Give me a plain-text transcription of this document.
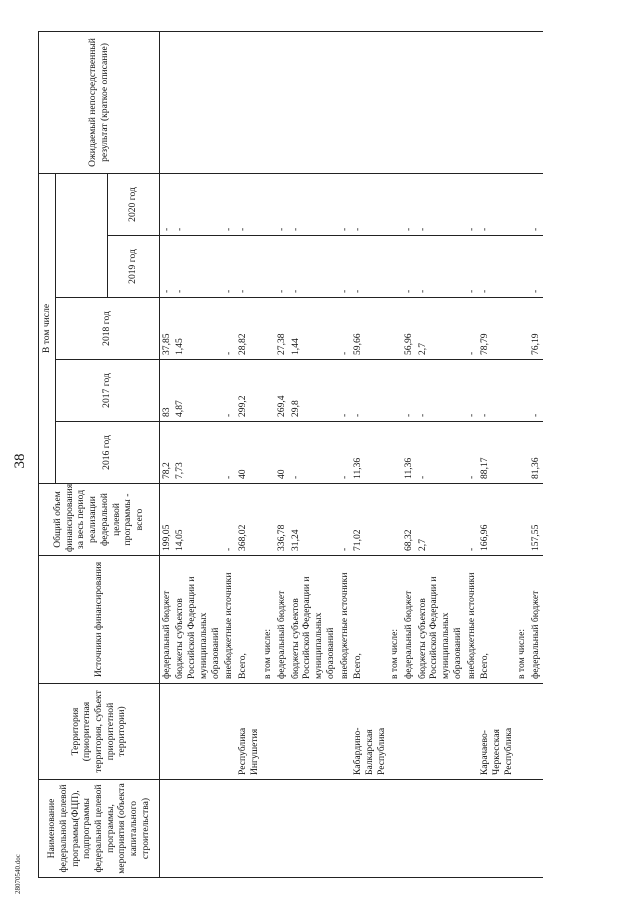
38
28070540.doc
Наименование федеральной целевой программы(ФЦП), подпрограммы федеральной целевой программы, мероприятия (объекта капитального строительства)	Территория (приоритетная территория, субъект приоритетной территории)	Источники финансирования	Общий объем финансирования за весь период реализации федеральной целевой программы - всего	В том числе					Ожидаемый непосредственный результат (краткое описание)
				2016 год	2017 год	2018 год			
							2019 год	2020 год	
		федеральный бюджет	199,05	78,2	83	37,85	-	-	
		бюджеты субъектов Российской Федерации и муниципальных образований	14,05	7,73	4,87	1,45	-	-	
		внебюджетные источники	-	-	-	-	-	-	
	Республика Ингушетия	Всего,	368,02	40	299,2	28,82	-	-	
		в том числе:							
		федеральный бюджет	336,78	40	269,4	27,38	-	-	
		бюджеты субъектов Российской Федерации и муниципальных образований	31,24	-	29,8	1,44	-	-	
		внебюджетные источники	-	-	-	-	-	-	
	Кабардино-Балкарская Республика	Всего,	71,02	11,36	-	59,66	-	-	
		в том числе:							
		федеральный бюджет	68,32	11,36	-	56,96	-	-	
		бюджеты субъектов Российской Федерации и муниципальных образований	2,7	-	-	2,7	-	-	
		внебюджетные источники	-	-	-	-	-	-	
	Карачаево-Черкесская Республика	Всего,	166,96	88,17	-	78,79	-	-	
		в том числе:							
		федеральный бюджет	157,55	81,36	-	76,19	-	-	
